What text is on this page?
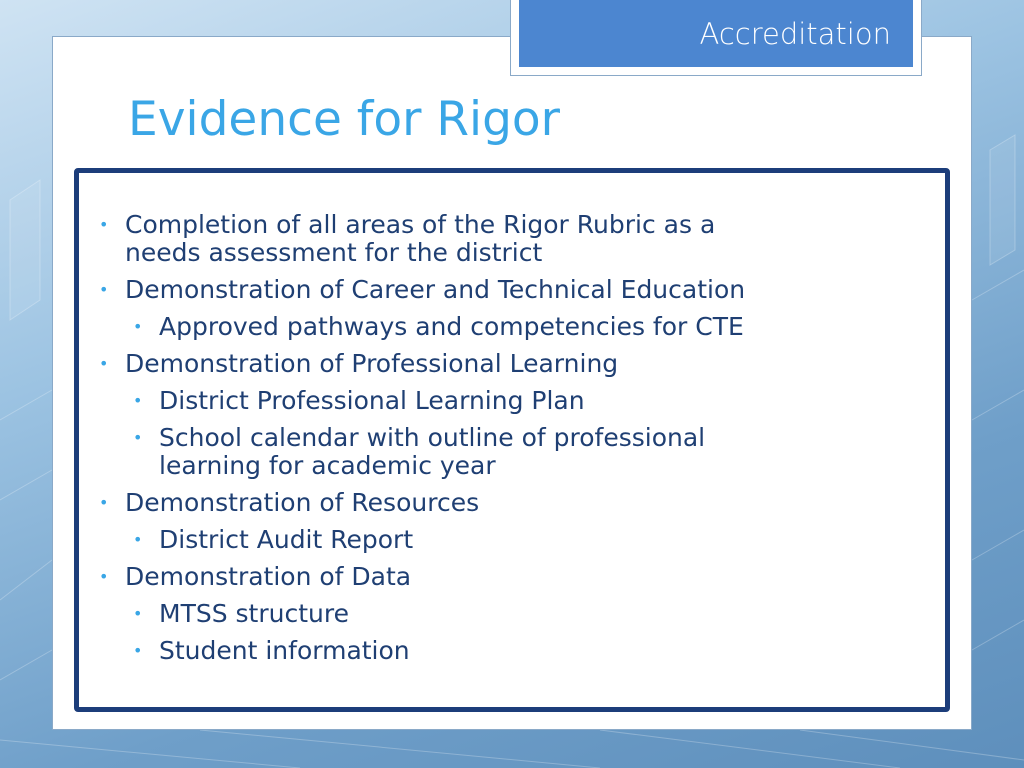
Accreditation
Evidence for Rigor
• Completion of all areas of the Rigor Rubric as a
needs assessment for the district
• Demonstration of Career and Technical Education
• Approved pathways and competencies for CTE
• Demonstration of Professional Learning
• District Professional Learning Plan
• School calendar with outline of professional
learning for academic year
• Demonstration of Resources
• District Audit Report
• Demonstration of Data
• MTSS structure
• Student information
